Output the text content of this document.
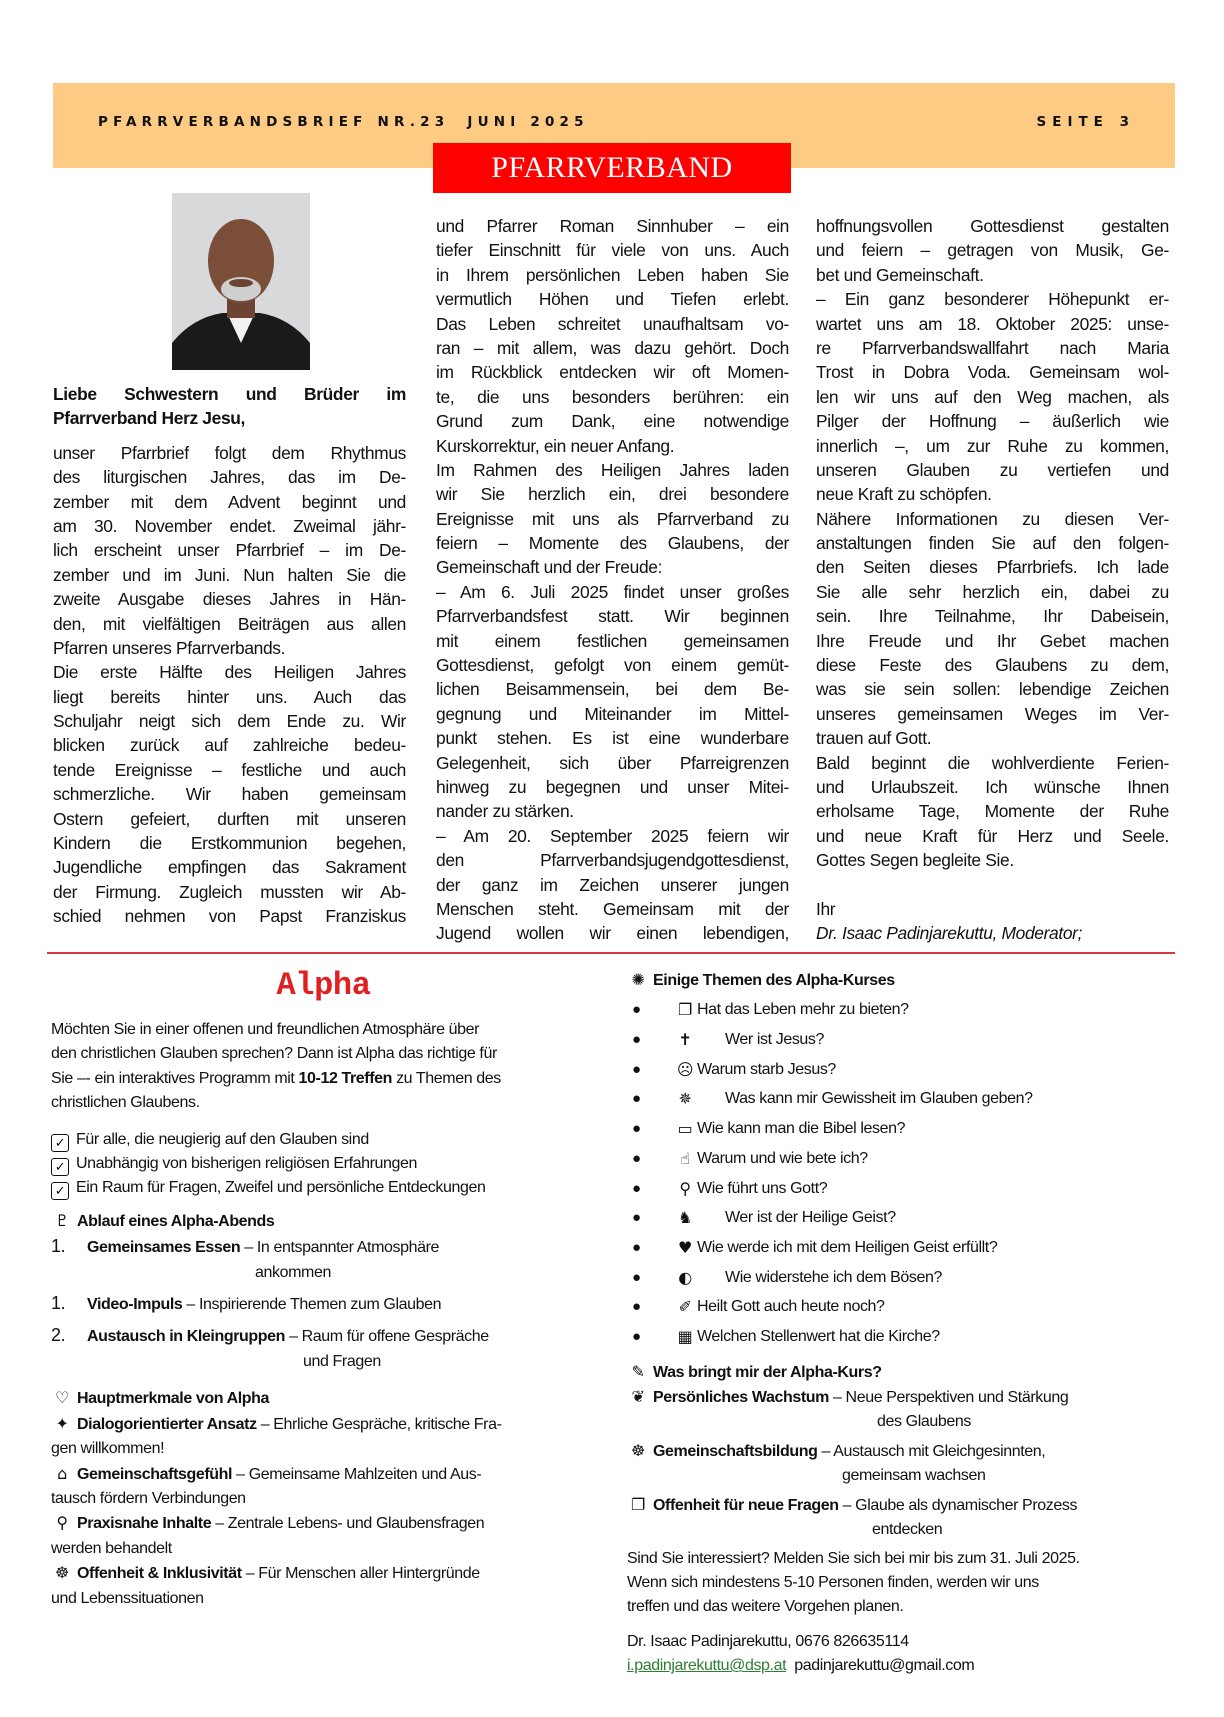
PFARRVERBANDSBRIEF NR.23 JUNI 2025	SEITE 3
PFARRVERBAND
Liebe Schwestern und Brüder im
Pfarrverband Herz Jesu,
unser Pfarrbrief folgt dem Rhythmus
des liturgischen Jahres, das im De-
zember mit dem Advent beginnt und
am 30. November endet. Zweimal jähr-
lich erscheint unser Pfarrbrief – im De-
zember und im Juni. Nun halten Sie die
zweite Ausgabe dieses Jahres in Hän-
den, mit vielfältigen Beiträgen aus allen
Pfarren unseres Pfarrverbands.
Die erste Hälfte des Heiligen Jahres
liegt bereits hinter uns. Auch das
Schuljahr neigt sich dem Ende zu. Wir
blicken zurück auf zahlreiche bedeu-
tende Ereignisse – festliche und auch
schmerzliche. Wir haben gemeinsam
Ostern gefeiert, durften mit unseren
Kindern die Erstkommunion begehen,
Jugendliche empfingen das Sakrament
der Firmung. Zugleich mussten wir Ab-
schied nehmen von Papst Franziskus
und Pfarrer Roman Sinnhuber – ein
tiefer Einschnitt für viele von uns. Auch
in Ihrem persönlichen Leben haben Sie
vermutlich Höhen und Tiefen erlebt.
Das Leben schreitet unaufhaltsam vo-
ran – mit allem, was dazu gehört. Doch
im Rückblick entdecken wir oft Momen-
te, die uns besonders berühren: ein
Grund zum Dank, eine notwendige
Kurskorrektur, ein neuer Anfang.
Im Rahmen des Heiligen Jahres laden
wir Sie herzlich ein, drei besondere
Ereignisse mit uns als Pfarrverband zu
feiern – Momente des Glaubens, der
Gemeinschaft und der Freude:
– Am 6. Juli 2025 findet unser großes
Pfarrverbandsfest statt. Wir beginnen
mit einem festlichen gemeinsamen
Gottesdienst, gefolgt von einem gemüt-
lichen Beisammensein, bei dem Be-
gegnung und Miteinander im Mittel-
punkt stehen. Es ist eine wunderbare
Gelegenheit, sich über Pfarreigrenzen
hinweg zu begegnen und unser Mitei-
nander zu stärken.
– Am 20. September 2025 feiern wir
den Pfarrverbandsjugendgottesdienst,
der ganz im Zeichen unserer jungen
Menschen steht. Gemeinsam mit der
Jugend wollen wir einen lebendigen,
hoffnungsvollen Gottesdienst gestalten
und feiern – getragen von Musik, Ge-
bet und Gemeinschaft.
– Ein ganz besonderer Höhepunkt er-
wartet uns am 18. Oktober 2025: unse-
re Pfarrverbandswallfahrt nach Maria
Trost in Dobra Voda. Gemeinsam wol-
len wir uns auf den Weg machen, als
Pilger der Hoffnung – äußerlich wie
innerlich –, um zur Ruhe zu kommen,
unseren Glauben zu vertiefen und
neue Kraft zu schöpfen.
Nähere Informationen zu diesen Ver-
anstaltungen finden Sie auf den folgen-
den Seiten dieses Pfarrbriefs. Ich lade
Sie alle sehr herzlich ein, dabei zu
sein. Ihre Teilnahme, Ihr Dabeisein,
Ihre Freude und Ihr Gebet machen
diese Feste des Glaubens zu dem,
was sie sein sollen: lebendige Zeichen
unseres gemeinsamen Weges im Ver-
trauen auf Gott.
Bald beginnt die wohlverdiente Ferien-
und Urlaubszeit. Ich wünsche Ihnen
erholsame Tage, Momente der Ruhe
und neue Kraft für Herz und Seele.
Gottes Segen begleite Sie.
Ihr
Dr. Isaac Padinjarekuttu, Moderator;
Alpha
Möchten Sie in einer offenen und freundlichen Atmosphäre über
den christlichen Glauben sprechen? Dann ist Alpha das richtige für
Sie –- ein interaktives Programm mit 10-12 Treffen zu Themen des
christlichen Glaubens.
✓ Für alle, die neugierig auf den Glauben sind
✓ Unabhängig von bisherigen religiösen Erfahrungen
✓ Ein Raum für Fragen, Zweifel und persönliche Entdeckungen
♇ Ablauf eines Alpha-Abends
1. Gemeinsames Essen – In entspannter Atmosphäre
ankommen
1. Video-Impuls – Inspirierende Themen zum Glauben
2. Austausch in Kleingruppen – Raum für offene Gespräche
und Fragen
♡ Hauptmerkmale von Alpha
✦ Dialogorientierter Ansatz – Ehrliche Gespräche, kritische Fra-
gen willkommen!
⌂ Gemeinschaftsgefühl – Gemeinsame Mahlzeiten und Aus-
tausch fördern Verbindungen
⚲ Praxisnahe Inhalte – Zentrale Lebens- und Glaubensfragen
werden behandelt
☸ Offenheit & Inklusivität – Für Menschen aller Hintergründe
und Lebenssituationen
✺ Einige Themen des Alpha-Kurses
●	❐ Hat das Leben mehr zu bieten?
●	✝	Wer ist Jesus?
● ☹ Warum starb Jesus?
●	✵	Was kann mir Gewissheit im Glauben geben?
● ▭ Wie kann man die Bibel lesen?
●	☝ Warum und wie bete ich?
●	⚲ Wie führt uns Gott?
●	♞	Wer ist der Heilige Geist?
●	♥ Wie werde ich mit dem Heiligen Geist erfüllt?
●	◐	Wie widerstehe ich dem Bösen?
●	✐ Heilt Gott auch heute noch?
● ▦ Welchen Stellenwert hat die Kirche?
✎ Was bringt mir der Alpha-Kurs?
❦ Persönliches Wachstum – Neue Perspektiven und Stärkung
des Glaubens
☸ Gemeinschaftsbildung – Austausch mit Gleichgesinnten,
gemeinsam wachsen
❐ Offenheit für neue Fragen – Glaube als dynamischer Prozess
entdecken
Sind Sie interessiert? Melden Sie sich bei mir bis zum 31. Juli 2025.
Wenn sich mindestens 5-10 Personen finden, werden wir uns
treffen und das weitere Vorgehen planen.
Dr. Isaac Padinjarekuttu, 0676 826635114
i.padinjarekuttu@dsp.at padinjarekuttu@gmail.com
